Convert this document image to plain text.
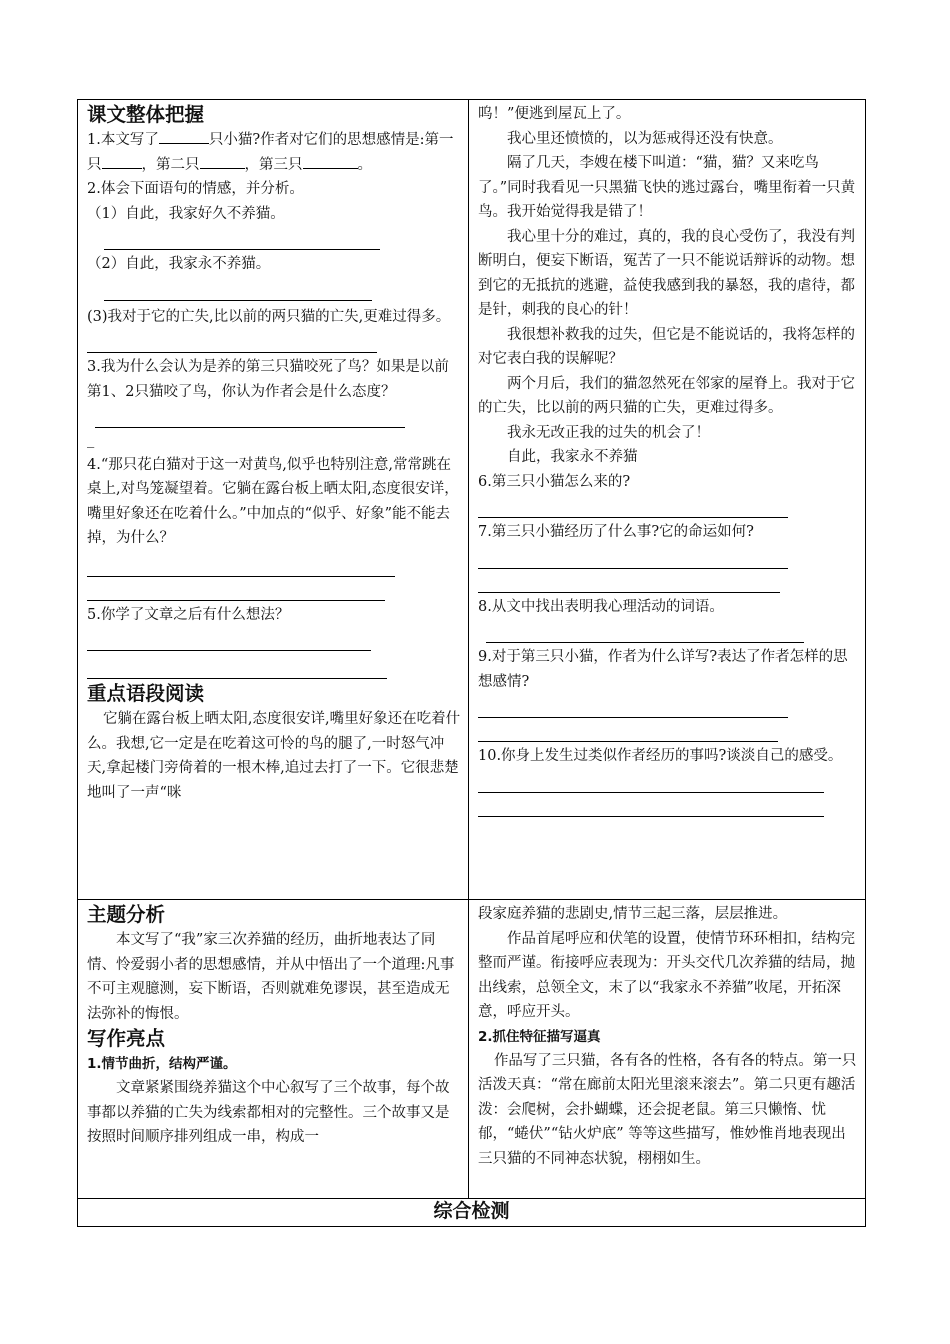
课文整体把握

1.本文写了	只小猫?作者对它们的思想感情是:第一只	，第二只	，第三只	。

2.体会下面语句的情感，并分析。

（1）自此，我家好久不养猫。

（2）自此，我家永不养猫。

(3)我对于它的亡失,比以前的两只猫的亡失,更难过得多。

3.我为什么会认为是养的第三只猫咬死了鸟？如果是以前第1、2只猫咬了鸟，你认为作者会是什么态度？

_

4.“那只花白猫对于这一对黄鸟,似乎也特别注意,常常跳在桌上,对鸟笼凝望着。它躺在露台板上晒太阳,态度很安详，嘴里好象还在吃着什么。”中加点的“似乎、好象”能不能去掉，为什么？

5.你学了文章之后有什么想法？

重点语段阅读

它躺在露台板上晒太阳,态度很安详,嘴里好象还在吃着什么。我想,它一定是在吃着这可怜的鸟的腿了,一时怒气冲天,拿起楼门旁倚着的一根木棒,追过去打了一下。它很悲楚地叫了一声“咪

呜！”便逃到屋瓦上了。

我心里还愤愤的，以为惩戒得还没有快意。

隔了几天，李嫂在楼下叫道：“猫，猫？又来吃鸟了。”同时我看见一只黑猫飞快的逃过露台，嘴里衔着一只黄鸟。我开始觉得我是错了！

我心里十分的难过，真的，我的良心受伤了，我没有判断明白，便妄下断语，冤苦了一只不能说话辩诉的动物。想到它的无抵抗的逃避，益使我感到我的暴怒，我的虐待，都是针，刺我的良心的针！

我很想补救我的过失，但它是不能说话的，我将怎样的对它表白我的误解呢？

两个月后，我们的猫忽然死在邻家的屋脊上。我对于它的亡失，比以前的两只猫的亡失，更难过得多。

我永无改正我的过失的机会了！

自此，我家永不养猫

6.第三只小猫怎么来的?

7.第三只小猫经历了什么事?它的命运如何?

8.从文中找出表明我心理活动的词语。

9.对于第三只小猫，作者为什么详写?表达了作者怎样的思想感情?

10.你身上发生过类似作者经历的事吗?谈淡自己的感受。

主题分析

本文写了“我”家三次养猫的经历，曲折地表达了同情、怜爱弱小者的思想感情，并从中悟出了一个道理:凡事不可主观臆测，妄下断语，否则就难免谬误，甚至造成无法弥补的悔恨。

写作亮点

1.情节曲折，结构严谨。

文章紧紧围绕养猫这个中心叙写了三个故事，每个故事都以养猫的亡失为线索都相对的完整性。三个故事又是按照时间顺序排列组成一串，构成一

段家庭养猫的悲剧史,情节三起三落，层层推进。

作品首尾呼应和伏笔的设置，使情节环环相扣，结构完整而严谨。衔接呼应表现为：开头交代几次养猫的结局，抛出线索，总领全文，末了以“我家永不养猫”收尾，开拓深意，呼应开头。

2.抓住特征描写逼真

作品写了三只猫，各有各的性格，各有各的特点。第一只活泼天真：“常在廊前太阳光里滚来滚去”。第二只更有趣活泼：会爬树，会扑蝴蝶，还会捉老鼠。第三只懒惰、忧郁，“蜷伏”“钻火炉底” 等等这些描写，惟妙惟肖地表现出三只猫的不同神态状貌，栩栩如生。

综合检测
